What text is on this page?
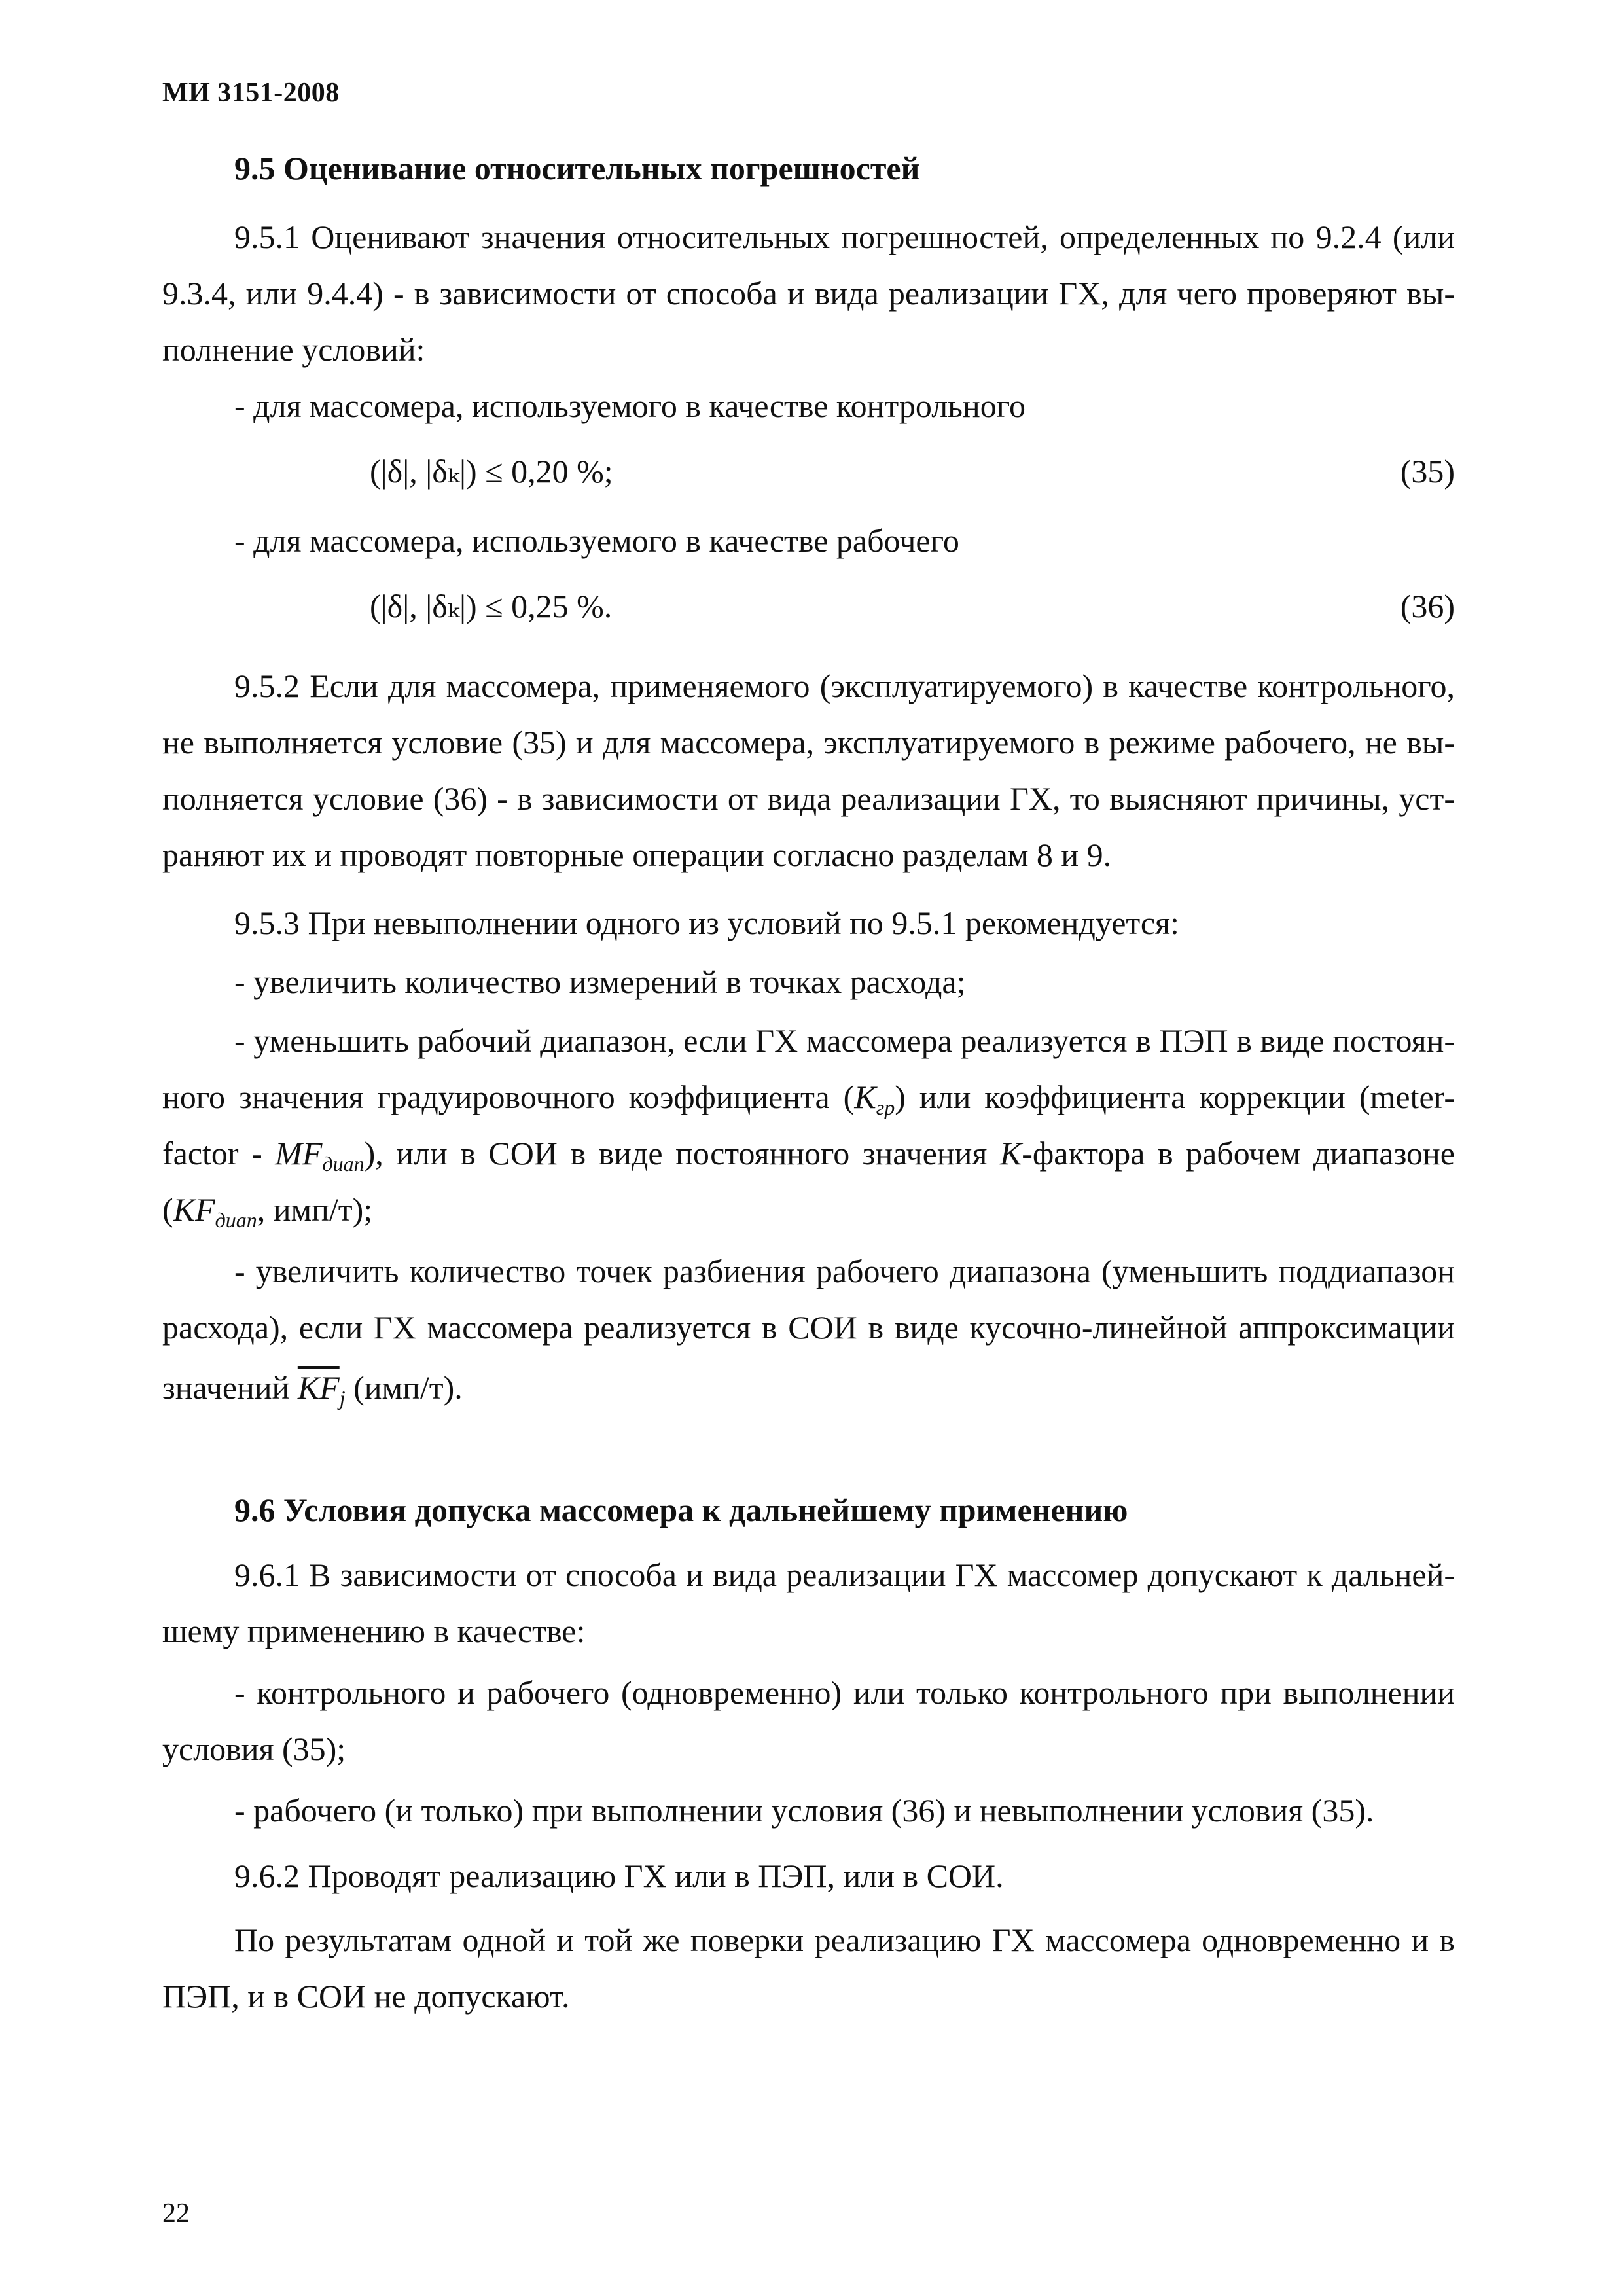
МИ 3151-2008
9.5 Оценивание относительных погрешностей
9.5.1 Оценивают значения относительных погрешностей, определенных по 9.2.4 (или
9.3.4, или 9.4.4) - в зависимости от способа и вида реализации ГХ, для чего проверяют вы-
полнение условий:
- для массомера, используемого в качестве контрольного
(|δ|, |δₖ|) ≤ 0,20 %;	(35)
- для массомера, используемого в качестве рабочего
(|δ|, |δₖ|) ≤ 0,25 %.	(36)
9.5.2 Если для массомера, применяемого (эксплуатируемого) в качестве контрольного,
не выполняется условие (35) и для массомера, эксплуатируемого в режиме рабочего, не вы-
полняется условие (36) - в зависимости от вида реализации ГХ, то выясняют причины, уст-
раняют их и проводят повторные операции согласно разделам 8 и 9.
9.5.3 При невыполнении одного из условий по 9.5.1 рекомендуется:
- увеличить количество измерений в точках расхода;
- уменьшить рабочий диапазон, если ГХ массомера реализуется в ПЭП в виде постоян-
ного значения градуировочного коэффициента $(K_{гр})$ или коэффициента коррекции (meter-
factor - $MF_{диап}$), или в СОИ в виде постоянного значения K-фактора в рабочем диапазоне
($KF_{диап}$, имп/т);
- увеличить количество точек разбиения рабочего диапазона (уменьшить поддиапазон
расхода), если ГХ массомера реализуется в СОИ в виде кусочно-линейной аппроксимации
значений $\overline{KF}_j$ (имп/т).
9.6 Условия допуска массомера к дальнейшему применению
9.6.1 В зависимости от способа и вида реализации ГХ массомер допускают к дальней-
шему применению в качестве:
- контрольного и рабочего (одновременно) или только контрольного при выполнении
условия (35);
- рабочего (и только) при выполнении условия (36) и невыполнении условия (35).
9.6.2 Проводят реализацию ГХ или в ПЭП, или в СОИ.
По результатам одной и той же поверки реализацию ГХ массомера одновременно и в
ПЭП, и в СОИ не допускают.
22
